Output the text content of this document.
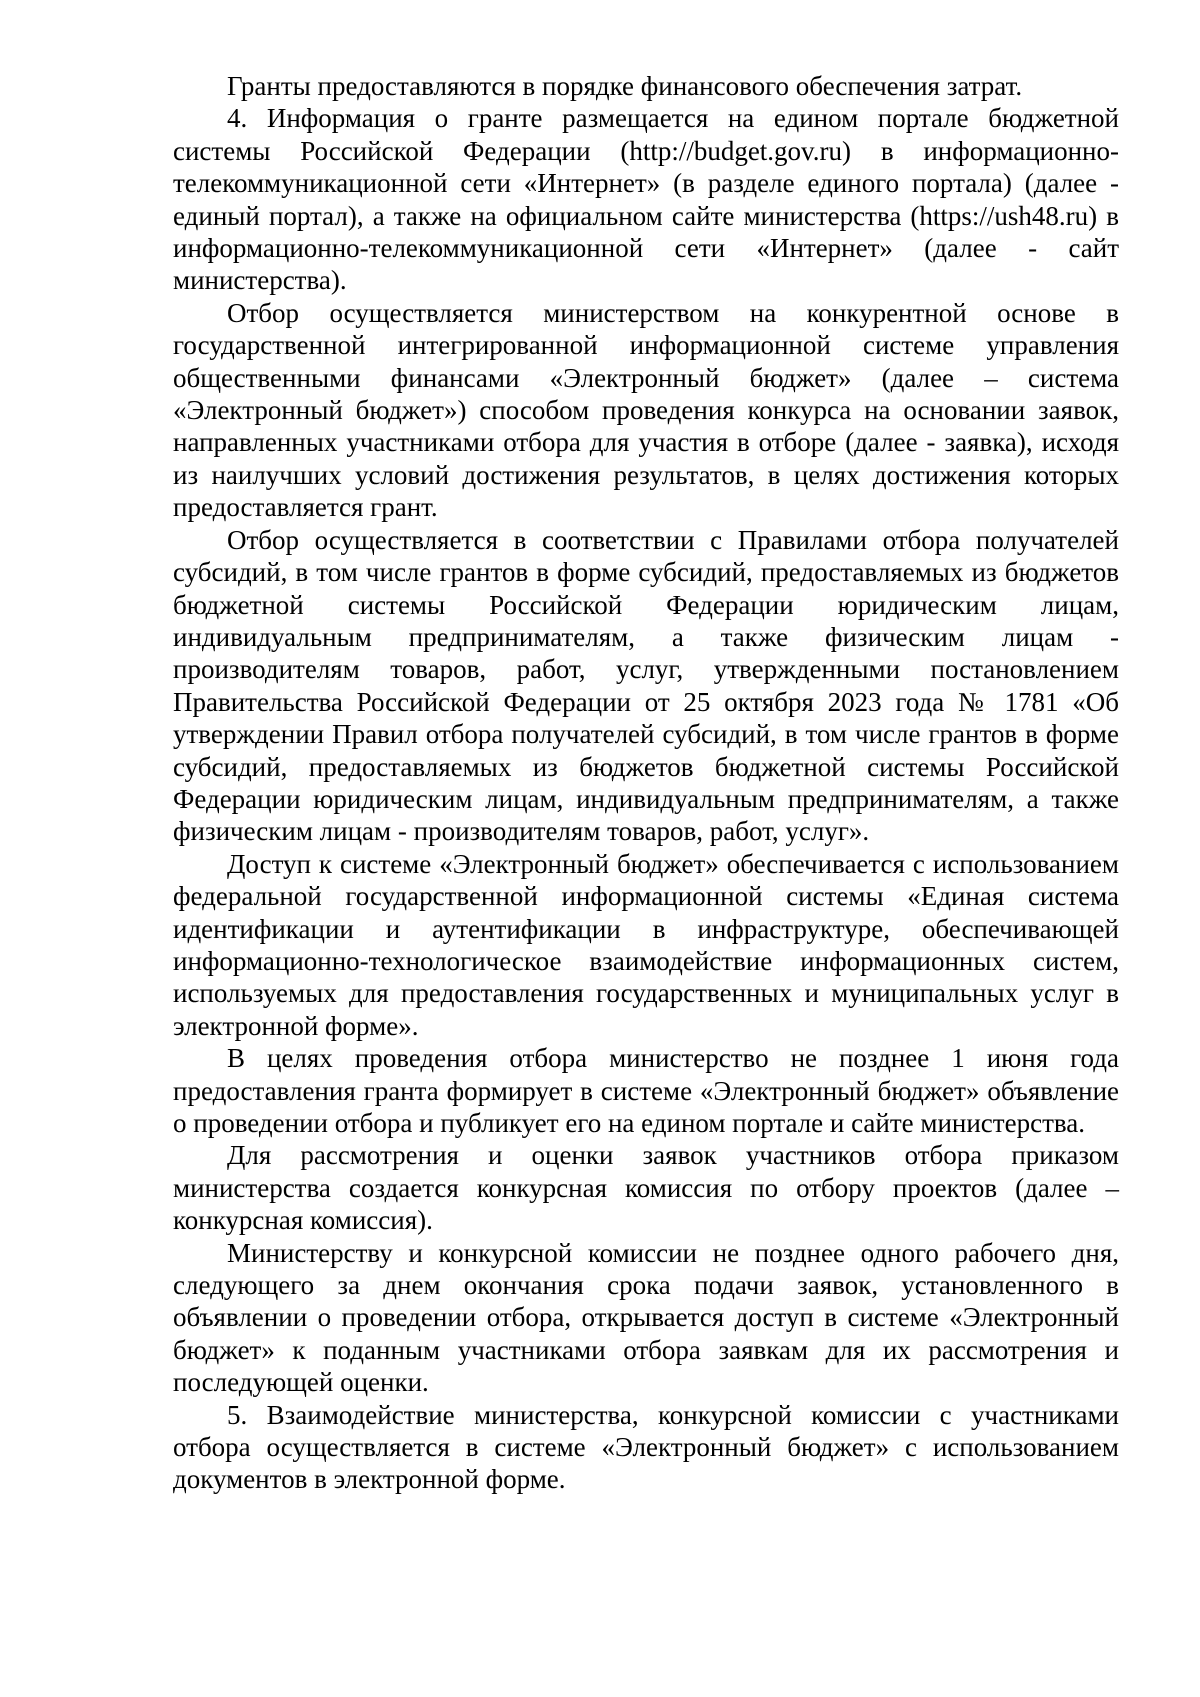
Гранты предоставляются в порядке финансового обеспечения затрат.

4. Информация о гранте размещается на едином портале бюджетной системы Российской Федерации (http://budget.gov.ru) в информационно-телекоммуникационной сети «Интернет» (в разделе единого портала) (далее - единый портал), а также на официальном сайте министерства (https://ush48.ru) в информационно-телекоммуникационной сети «Интернет» (далее - сайт министерства).

Отбор осуществляется министерством на конкурентной основе в государственной интегрированной информационной системе управления общественными финансами «Электронный бюджет» (далее – система «Электронный бюджет») способом проведения конкурса на основании заявок, направленных участниками отбора для участия в отборе (далее - заявка), исходя из наилучших условий достижения результатов, в целях достижения которых предоставляется грант.

Отбор осуществляется в соответствии с Правилами отбора получателей субсидий, в том числе грантов в форме субсидий, предоставляемых из бюджетов бюджетной системы Российской Федерации юридическим лицам, индивидуальным предпринимателям, а также физическим лицам - производителям товаров, работ, услуг, утвержденными постановлением Правительства Российской Федерации от 25 октября 2023 года № 1781 «Об утверждении Правил отбора получателей субсидий, в том числе грантов в форме субсидий, предоставляемых из бюджетов бюджетной системы Российской Федерации юридическим лицам, индивидуальным предпринимателям, а также физическим лицам - производителям товаров, работ, услуг».

Доступ к системе «Электронный бюджет» обеспечивается с использованием федеральной государственной информационной системы «Единая система идентификации и аутентификации в инфраструктуре, обеспечивающей информационно-технологическое взаимодействие информационных систем, используемых для предоставления государственных и муниципальных услуг в электронной форме».

В целях проведения отбора министерство не позднее 1 июня года предоставления гранта формирует в системе «Электронный бюджет» объявление о проведении отбора и публикует его на едином портале и сайте министерства.

Для рассмотрения и оценки заявок участников отбора приказом министерства создается конкурсная комиссия по отбору проектов (далее – конкурсная комиссия).

Министерству и конкурсной комиссии не позднее одного рабочего дня, следующего за днем окончания срока подачи заявок, установленного в объявлении о проведении отбора, открывается доступ в системе «Электронный бюджет» к поданным участниками отбора заявкам для их рассмотрения и последующей оценки.

5. Взаимодействие министерства, конкурсной комиссии с участниками отбора осуществляется в системе «Электронный бюджет» с использованием документов в электронной форме.
